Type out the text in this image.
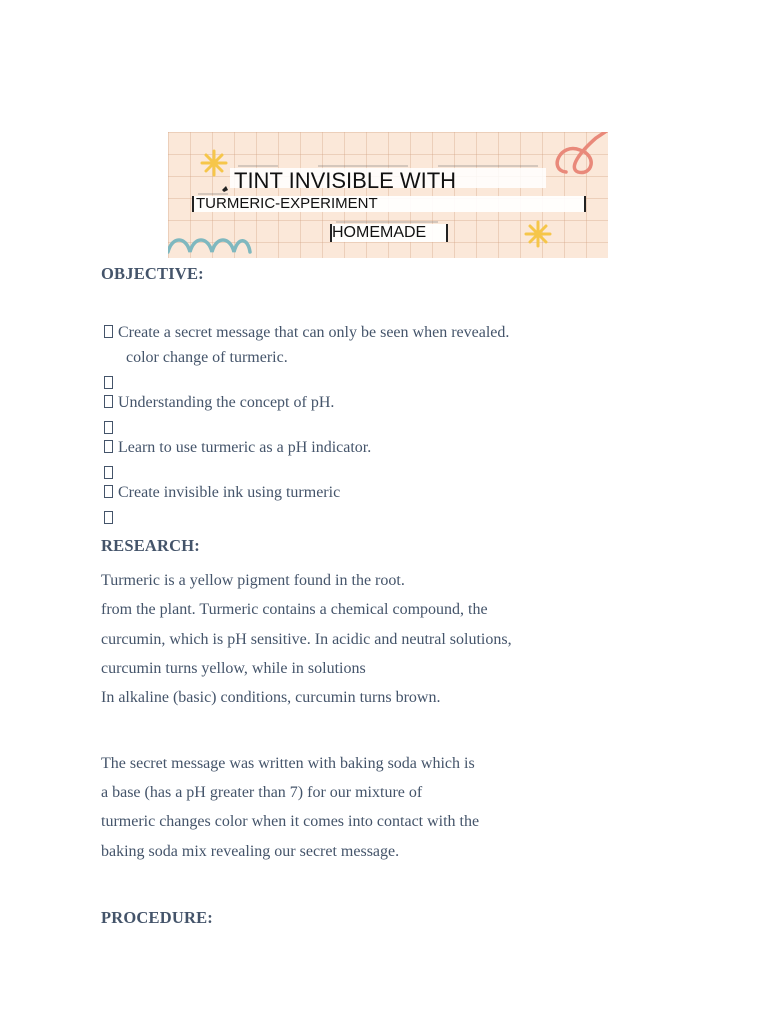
TINT INVISIBLE WITH
TURMERIC-EXPERIMENT
HOMEMADE
OBJECTIVE:
Create a secret message that can only be seen when revealed.
color change of turmeric.
Understanding the concept of pH.
Learn to use turmeric as a pH indicator.
Create invisible ink using turmeric
RESEARCH:
Turmeric is a yellow pigment found in the root.
from the plant. Turmeric contains a chemical compound, the
curcumin, which is pH sensitive. In acidic and neutral solutions,
curcumin turns yellow, while in solutions
In alkaline (basic) conditions, curcumin turns brown.
The secret message was written with baking soda which is
a base (has a pH greater than 7) for our mixture of
turmeric changes color when it comes into contact with the
baking soda mix revealing our secret message.
PROCEDURE:
